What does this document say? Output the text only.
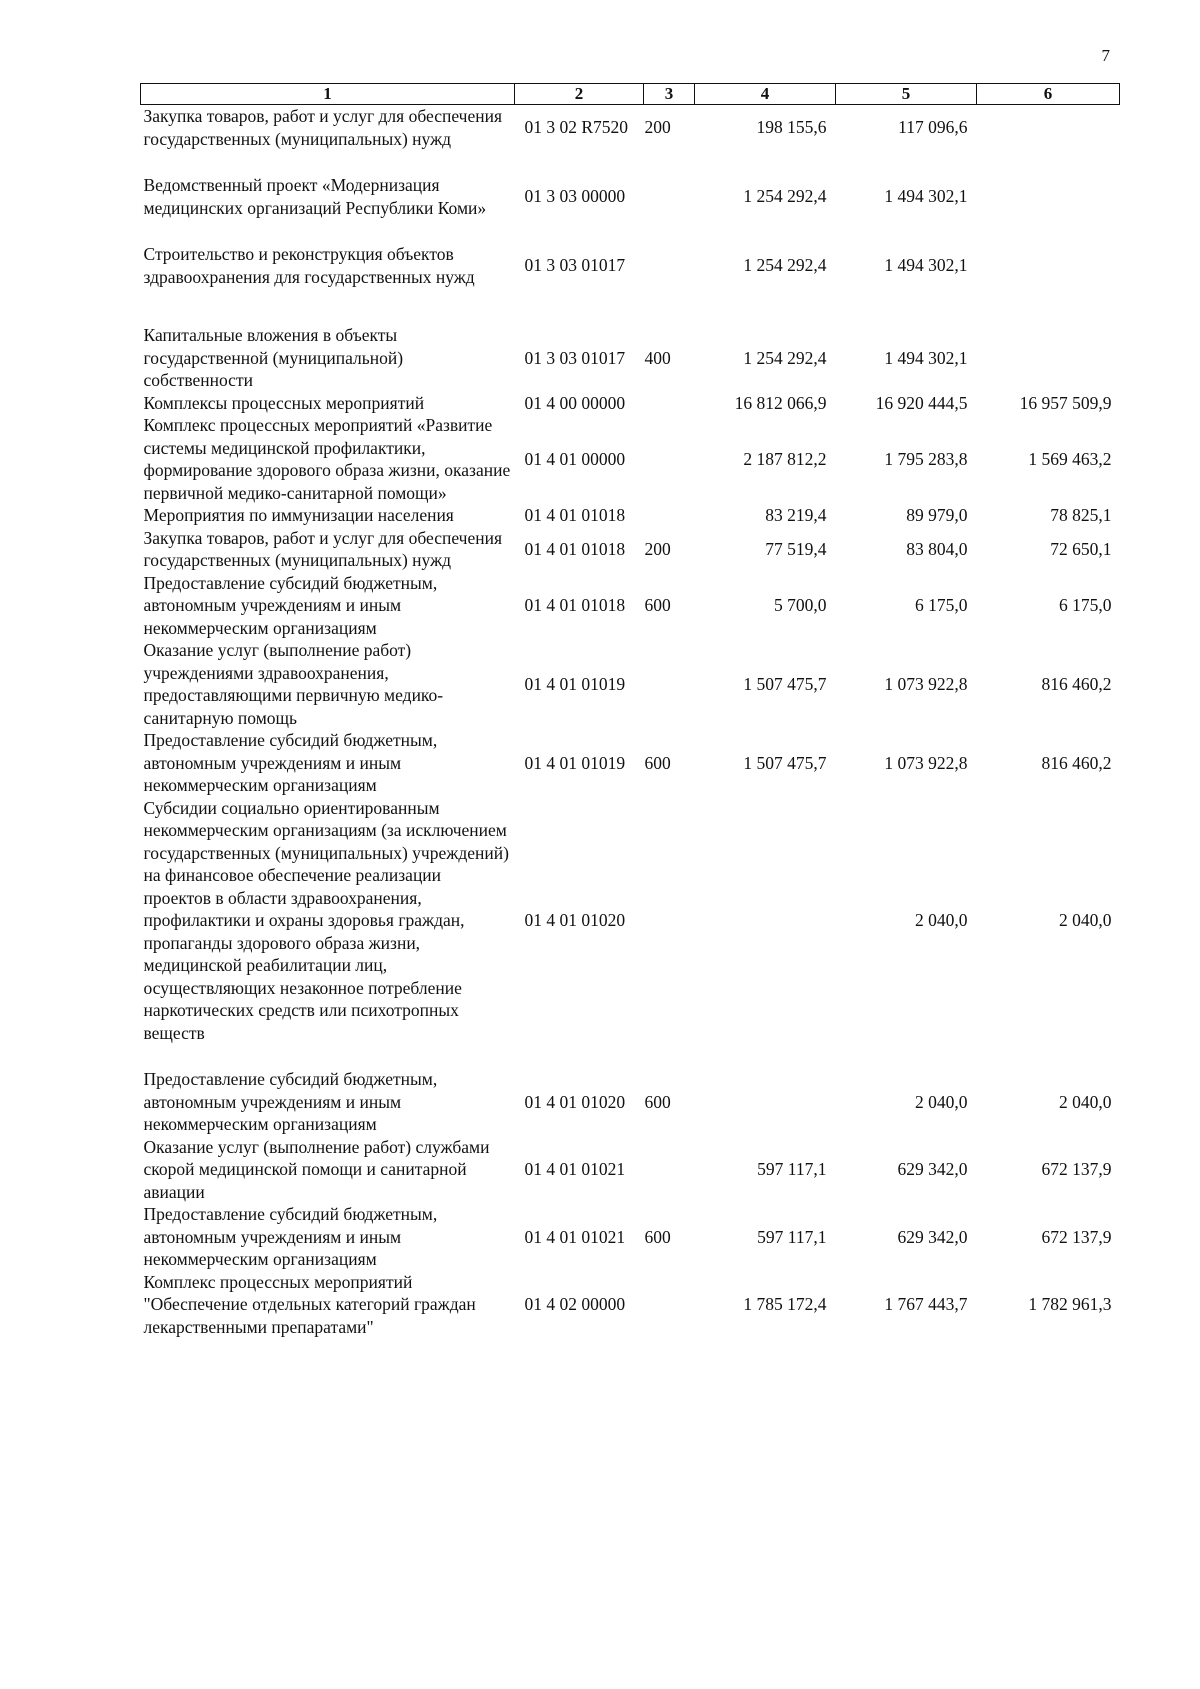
7
1	2	3	4	5	6
Закупка товаров, работ и услуг для обеспечения государственных (муниципальных) нужд	01 3 02 R7520	200	198 155,6	117 096,6	
Ведомственный проект «Модернизация медицинских организаций Республики Коми»	01 3 03 00000		1 254 292,4	1 494 302,1	
Строительство и реконструкция объектов здравоохранения для государственных нужд	01 3 03 01017		1 254 292,4	1 494 302,1	
Капитальные вложения в объекты государственной (муниципальной) собственности	01 3 03 01017	400	1 254 292,4	1 494 302,1	
Комплексы процессных мероприятий	01 4 00 00000		16 812 066,9	16 920 444,5	16 957 509,9
Комплекс процессных мероприятий «Развитие системы медицинской профилактики, формирование здорового образа жизни, оказание первичной медико-санитарной помощи»	01 4 01 00000		2 187 812,2	1 795 283,8	1 569 463,2
Мероприятия по иммунизации населения	01 4 01 01018		83 219,4	89 979,0	78 825,1
Закупка товаров, работ и услуг для обеспечения государственных (муниципальных) нужд	01 4 01 01018	200	77 519,4	83 804,0	72 650,1
Предоставление субсидий бюджетным, автономным учреждениям и иным некоммерческим организациям	01 4 01 01018	600	5 700,0	6 175,0	6 175,0
Оказание услуг (выполнение работ) учреждениями здравоохранения, предоставляющими первичную медико-санитарную помощь	01 4 01 01019		1 507 475,7	1 073 922,8	816 460,2
Предоставление субсидий бюджетным, автономным учреждениям и иным некоммерческим организациям	01 4 01 01019	600	1 507 475,7	1 073 922,8	816 460,2
Субсидии социально ориентированным некоммерческим организациям (за исключением государственных (муниципальных) учреждений) на финансовое обеспечение реализации проектов в области здравоохранения, профилактики и охраны здоровья граждан, пропаганды здорового образа жизни, медицинской реабилитации лиц, осуществляющих незаконное потребление наркотических средств или психотропных веществ	01 4 01 01020			2 040,0	2 040,0
Предоставление субсидий бюджетным, автономным учреждениям и иным некоммерческим организациям	01 4 01 01020	600		2 040,0	2 040,0
Оказание услуг (выполнение работ) службами скорой медицинской помощи и санитарной авиации	01 4 01 01021		597 117,1	629 342,0	672 137,9
Предоставление субсидий бюджетным, автономным учреждениям и иным некоммерческим организациям	01 4 01 01021	600	597 117,1	629 342,0	672 137,9
Комплекс процессных мероприятий "Обеспечение отдельных категорий граждан лекарственными препаратами"	01 4 02 00000		1 785 172,4	1 767 443,7	1 782 961,3
